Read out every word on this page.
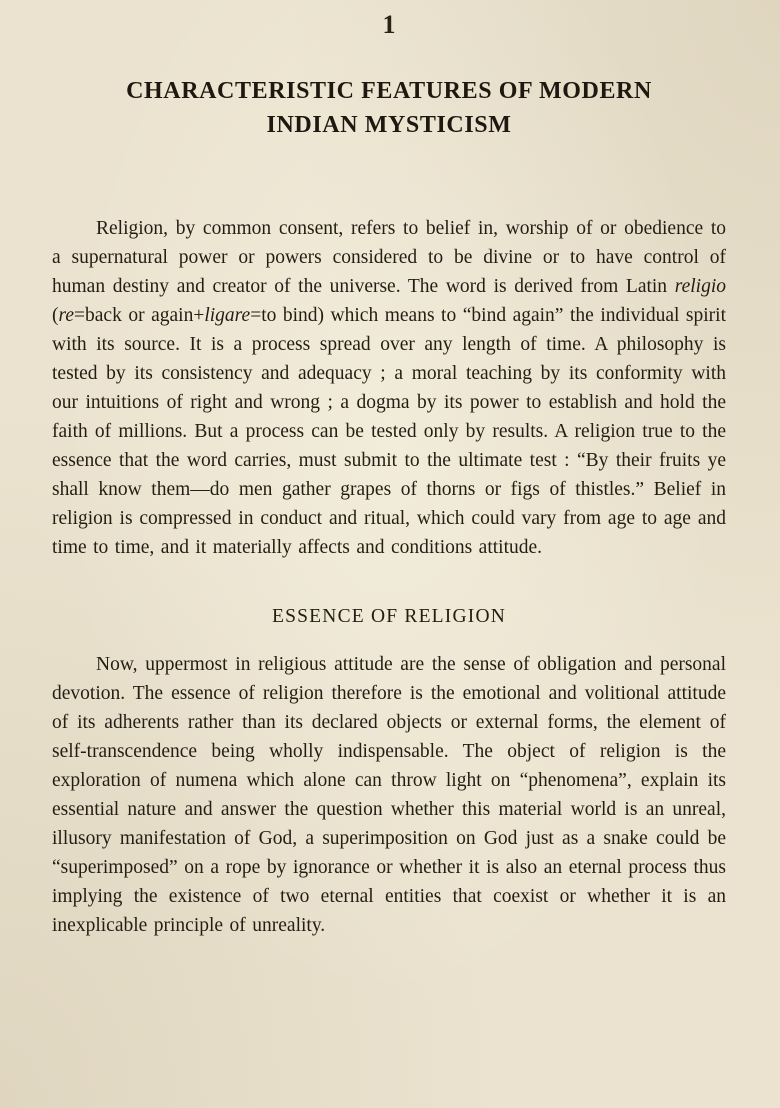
1
CHARACTERISTIC FEATURES OF MODERN
INDIAN MYSTICISM

Religion, by common consent, refers to belief in, worship of or obedience to a supernatural power or powers considered to be divine or to have control of human destiny and creator of the universe. The word is derived from Latin religio (re=back or again+ligare=to bind) which means to “bind again” the individual spirit with its source. It is a process spread over any length of time. A philosophy is tested by its consistency and adequacy ; a moral teaching by its conformity with our intuitions of right and wrong ; a dogma by its power to establish and hold the faith of millions. But a process can be tested only by results. A religion true to the essence that the word carries, must submit to the ultimate test : “By their fruits ye shall know them—do men gather grapes of thorns or figs of thistles.” Belief in religion is compressed in conduct and ritual, which could vary from age to age and time to time, and it materially affects and conditions attitude.

ESSENCE OF RELIGION

Now, uppermost in religious attitude are the sense of obligation and personal devotion. The essence of religion therefore is the emotional and volitional attitude of its adherents rather than its declared objects or external forms, the element of self-transcendence being wholly indispensable. The object of religion is the exploration of numena which alone can throw light on “phenomena”, explain its essential nature and answer the question whether this material world is an unreal, illusory manifestation of God, a superimposition on God just as a snake could be “superimposed” on a rope by ignorance or whether it is also an eternal process thus implying the existence of two eternal entities that coexist or whether it is an inexplicable principle of unreality.
